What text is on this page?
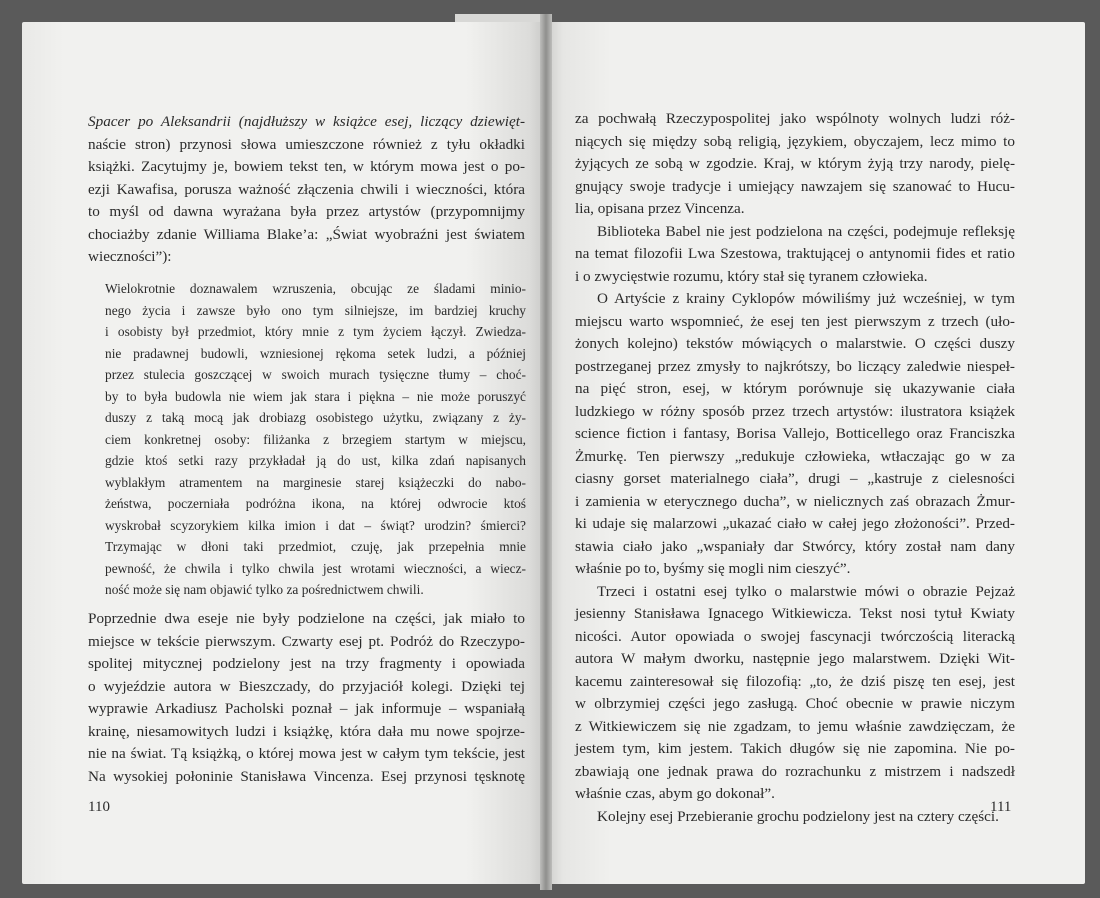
Spacer po Aleksandrii (najdłuższy w książce esej, liczący dziewięt-
naście stron) przynosi słowa umieszczone również z tyłu okładki
książki. Zacytujmy je, bowiem tekst ten, w którym mowa jest o po-
ezji Kawafisa, porusza ważność złączenia chwili i wieczności, która
to myśl od dawna wyrażana była przez artystów (przypomnijmy
chociażby zdanie Williama Blake’a: „Świat wyobraźni jest światem
wieczności”):
Wielokrotnie doznawalem wzruszenia, obcując ze śladami minio-
nego życia i zawsze było ono tym silniejsze, im bardziej kruchy
i osobisty był przedmiot, który mnie z tym życiem łączył. Zwiedza-
nie pradawnej budowli, wzniesionej rękoma setek ludzi, a później
przez stulecia goszczącej w swoich murach tysięczne tłumy – choć-
by to była budowla nie wiem jak stara i piękna – nie może poruszyć
duszy z taką mocą jak drobiazg osobistego użytku, związany z ży-
ciem konkretnej osoby: filiżanka z brzegiem startym w miejscu,
gdzie ktoś setki razy przykładał ją do ust, kilka zdań napisanych
wyblakłym atramentem na marginesie starej książeczki do nabo-
żeństwa, poczerniała podróżna ikona, na której odwrocie ktoś
wyskrobał scyzorykiem kilka imion i dat – świąt? urodzin? śmierci?
Trzymając w dłoni taki przedmiot, czuję, jak przepełnia mnie
pewność, że chwila i tylko chwila jest wrotami wieczności, a wiecz-
ność może się nam objawić tylko za pośrednictwem chwili.
Poprzednie dwa eseje nie były podzielone na części, jak miało to
miejsce w tekście pierwszym. Czwarty esej pt. Podróż do Rzeczypo-
spolitej mitycznej podzielony jest na trzy fragmenty i opowiada
o wyjeździe autora w Bieszczady, do przyjaciół kolegi. Dzięki tej
wyprawie Arkadiusz Pacholski poznał – jak informuje – wspaniałą
krainę, niesamowitych ludzi i książkę, która dała mu nowe spojrze-
nie na świat. Tą książką, o której mowa jest w całym tym tekście, jest
Na wysokiej połoninie Stanisława Vincenza. Esej przynosi tęsknotę
110
za pochwałą Rzeczypospolitej jako wspólnoty wolnych ludzi róż-
niących się między sobą religią, językiem, obyczajem, lecz mimo to
żyjących ze sobą w zgodzie. Kraj, w którym żyją trzy narody, pielę-
gnujący swoje tradycje i umiejący nawzajem się szanować to Hucu-
lia, opisana przez Vincenza.
Biblioteka Babel nie jest podzielona na części, podejmuje refleksję
na temat filozofii Lwa Szestowa, traktującej o antynomii fides et ratio
i o zwycięstwie rozumu, który stał się tyranem człowieka.
O Artyście z krainy Cyklopów mówiliśmy już wcześniej, w tym
miejscu warto wspomnieć, że esej ten jest pierwszym z trzech (uło-
żonych kolejno) tekstów mówiących o malarstwie. O części duszy
postrzeganej przez zmysły to najkrótszy, bo liczący zaledwie niespeł-
na pięć stron, esej, w którym porównuje się ukazywanie ciała
ludzkiego w różny sposób przez trzech artystów: ilustratora książek
science fiction i fantasy, Borisa Vallejo, Botticellego oraz Franciszka
Żmurkę. Ten pierwszy „redukuje człowieka, wtłaczając go w za
ciasny gorset materialnego ciała”, drugi – „kastruje z cielesności
i zamienia w eterycznego ducha”, w nielicznych zaś obrazach Żmur-
ki udaje się malarzowi „ukazać ciało w całej jego złożoności”. Przed-
stawia ciało jako „wspaniały dar Stwórcy, który został nam dany
właśnie po to, byśmy się mogli nim cieszyć”.
Trzeci i ostatni esej tylko o malarstwie mówi o obrazie Pejzaż
jesienny Stanisława Ignacego Witkiewicza. Tekst nosi tytuł Kwiaty
nicości. Autor opowiada o swojej fascynacji twórczością literacką
autora W małym dworku, następnie jego malarstwem. Dzięki Wit-
kacemu zainteresował się filozofią: „to, że dziś piszę ten esej, jest
w olbrzymiej części jego zasługą. Choć obecnie w prawie niczym
z Witkiewiczem się nie zgadzam, to jemu właśnie zawdzięczam, że
jestem tym, kim jestem. Takich długów się nie zapomina. Nie po-
zbawiają one jednak prawa do rozrachunku z mistrzem i nadszedł
właśnie czas, abym go dokonał”.
Kolejny esej Przebieranie grochu podzielony jest na cztery części.
111
